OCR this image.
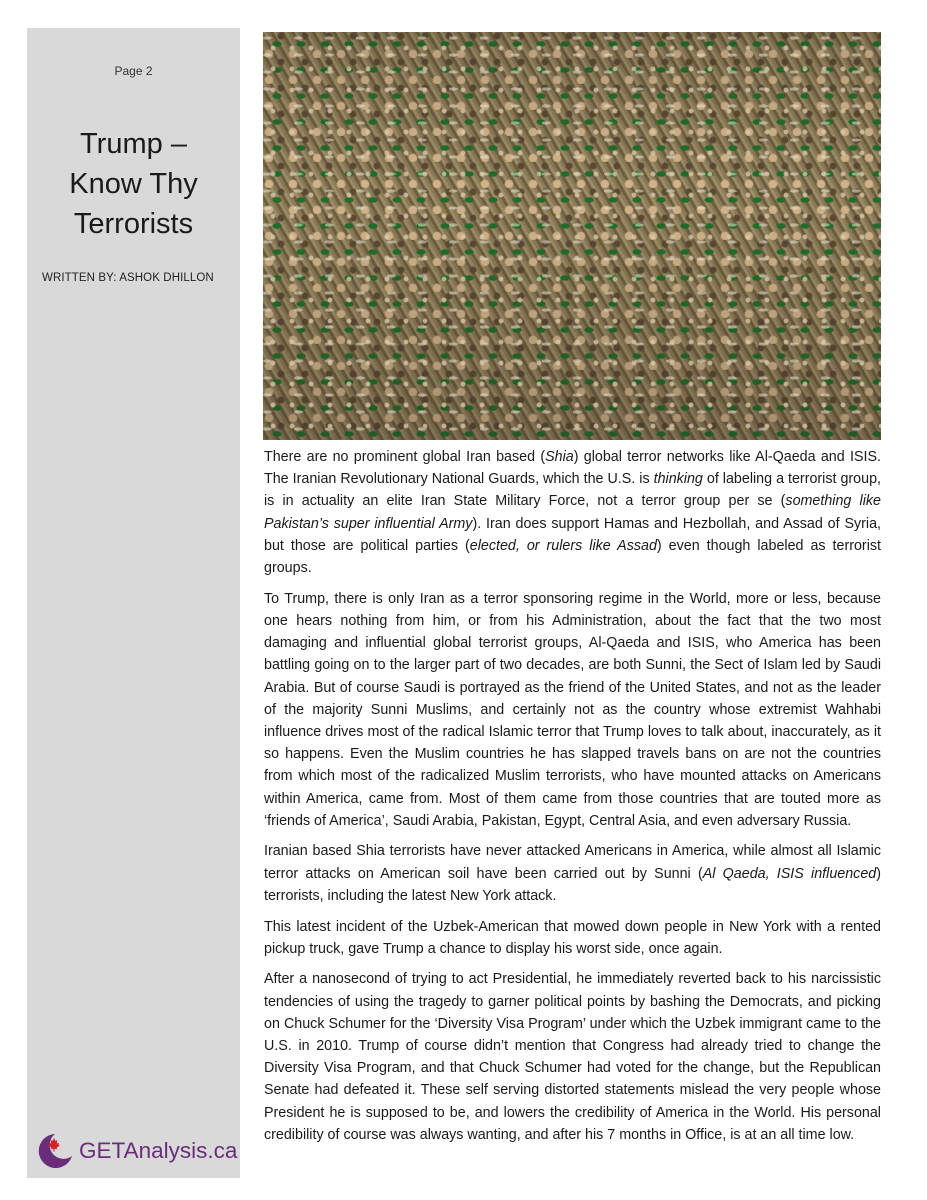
Page 2
Trump –
Know Thy
Terrorists
WRITTEN BY: ASHOK DHILLON
GETAnalysis.ca

There are no prominent global Iran based (Shia) global terror networks like Al-Qaeda and ISIS. The Iranian Revolutionary National Guards, which the U.S. is thinking of labeling a terrorist group, is in actuality an elite Iran State Military Force, not a terror group per se (something like Pakistan’s super influential Army). Iran does support Hamas and Hezbollah, and Assad of Syria, but those are political parties (elected, or rulers like Assad) even though labeled as terrorist groups.

To Trump, there is only Iran as a terror sponsoring regime in the World, more or less, because one hears nothing from him, or from his Administration, about the fact that the two most damaging and influential global terrorist groups, Al-Qaeda and ISIS, who America has been battling going on to the larger part of two decades, are both Sunni, the Sect of Islam led by Saudi Arabia. But of course Saudi is portrayed as the friend of the United States, and not as the leader of the majority Sunni Muslims, and certainly not as the country whose extremist Wahhabi influence drives most of the radical Islamic terror that Trump loves to talk about, inaccurately, as it so happens. Even the Muslim countries he has slapped travels bans on are not the countries from which most of the radicalized Muslim terrorists, who have mounted attacks on Americans within America, came from. Most of them came from those countries that are touted more as ‘friends of America’, Saudi Arabia, Pakistan, Egypt, Central Asia, and even adversary Russia.

Iranian based Shia terrorists have never attacked Americans in America, while almost all Islamic terror attacks on American soil have been carried out by Sunni (Al Qaeda, ISIS influenced) terrorists, including the latest New York attack.

This latest incident of the Uzbek-American that mowed down people in New York with a rented pickup truck, gave Trump a chance to display his worst side, once again.

After a nanosecond of trying to act Presidential, he immediately reverted back to his narcissistic tendencies of using the tragedy to garner political points by bashing the Democrats, and picking on Chuck Schumer for the ‘Diversity Visa Program’ under which the Uzbek immigrant came to the U.S. in 2010. Trump of course didn’t mention that Congress had already tried to change the Diversity Visa Program, and that Chuck Schumer had voted for the change, but the Republican Senate had defeated it. These self serving distorted statements mislead the very people whose President he is supposed to be, and lowers the credibility of America in the World. His personal credibility of course was always wanting, and after his 7 months in Office, is at an all time low.
